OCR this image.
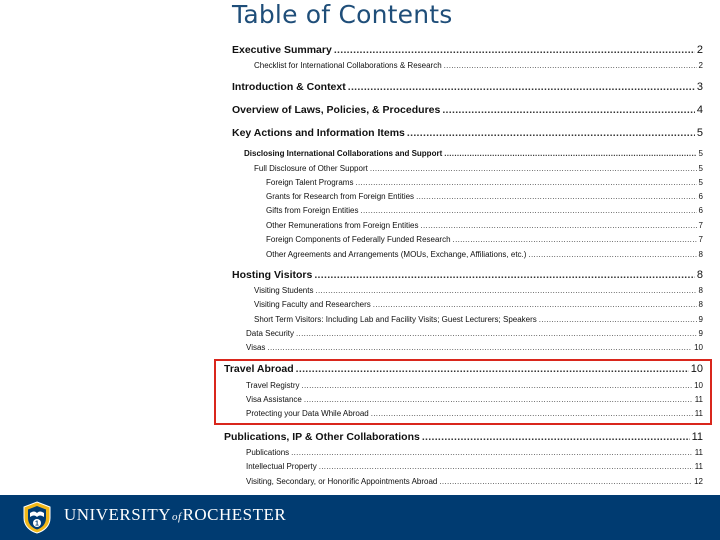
Table of Contents
Executive Summary .....	2
Checklist for International Collaborations & Research .....	2
Introduction & Context .....	3
Overview of Laws, Policies, & Procedures .....	4
Key Actions and Information Items .....	5
Disclosing International Collaborations and Support .....	5
Full Disclosure of Other Support .....	5
Foreign Talent Programs .....	5
Grants for Research from Foreign Entities .....	6
Gifts from Foreign Entities .....	6
Other Remunerations from Foreign Entities .....	7
Foreign Components of Federally Funded Research .....	7
Other Agreements and Arrangements (MOUs, Exchange, Affiliations, etc.) .....	8
Hosting Visitors .....	8
Visiting Students .....	8
Visiting Faculty and Researchers .....	8
Short Term Visitors: Including Lab and Facility Visits; Guest Lecturers; Speakers .....	9
Data Security .....	9
Visas .....	10
Travel Abroad .....	10
Travel Registry .....	10
Visa Assistance .....	11
Protecting your Data While Abroad .....	11
Publications, IP & Other Collaborations .....	11
Publications .....	11
Intellectual Property .....	11
Visiting, Secondary, or Honorific Appointments Abroad .....	12
1
UNIVERSITYofROCHESTER
